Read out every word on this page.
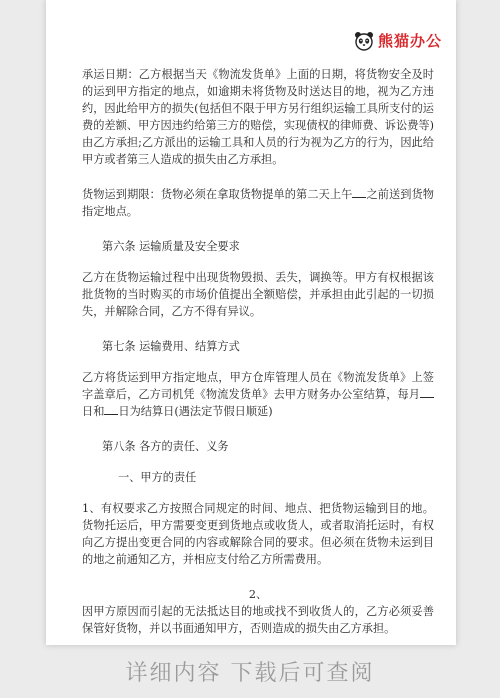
熊猫办公

承运日期：乙方根据当天《物流发货单》上面的日期，将货物安全及时的运到甲方指定的地点，如逾期未将货物及时送达目的地，视为乙方违约，因此给甲方的损失(包括但不限于甲方另行组织运输工具所支付的运费的差额、甲方因违约给第三方的赔偿，实现债权的律师费、诉讼费等)由乙方承担;乙方派出的运输工具和人员的行为视为乙方的行为，因此给甲方或者第三人造成的损失由乙方承担。

货物运到期限：货物必须在拿取货物提单的第二天上午 之前送到货物指定地点。

第六条 运输质量及安全要求

乙方在货物运输过程中出现货物毁损、丢失，调换等。甲方有权根据该批货物的当时购买的市场价值提出全额赔偿，并承担由此引起的一切损失，并解除合同，乙方不得有异议。

第七条 运输费用、结算方式

乙方将货运到甲方指定地点，甲方仓库管理人员在《物流发货单》上签字盖章后，乙方司机凭《物流发货单》去甲方财务办公室结算，每月日和 日为结算日(遇法定节假日顺延)

第八条 各方的责任、义务

一、甲方的责任

1、有权要求乙方按照合同规定的时间、地点、把货物运输到目的地。货物托运后，甲方需要变更到货地点或收货人，或者取消托运时，有权向乙方提出变更合同的内容或解除合同的要求。但必须在货物未运到目的地之前通知乙方，并相应支付给乙方所需费用。

2、

因甲方原因而引起的无法抵达目的地或找不到收货人的，乙方必须妥善保管好货物，并以书面通知甲方，否则造成的损失由乙方承担。

详细内容 下载后可查阅
